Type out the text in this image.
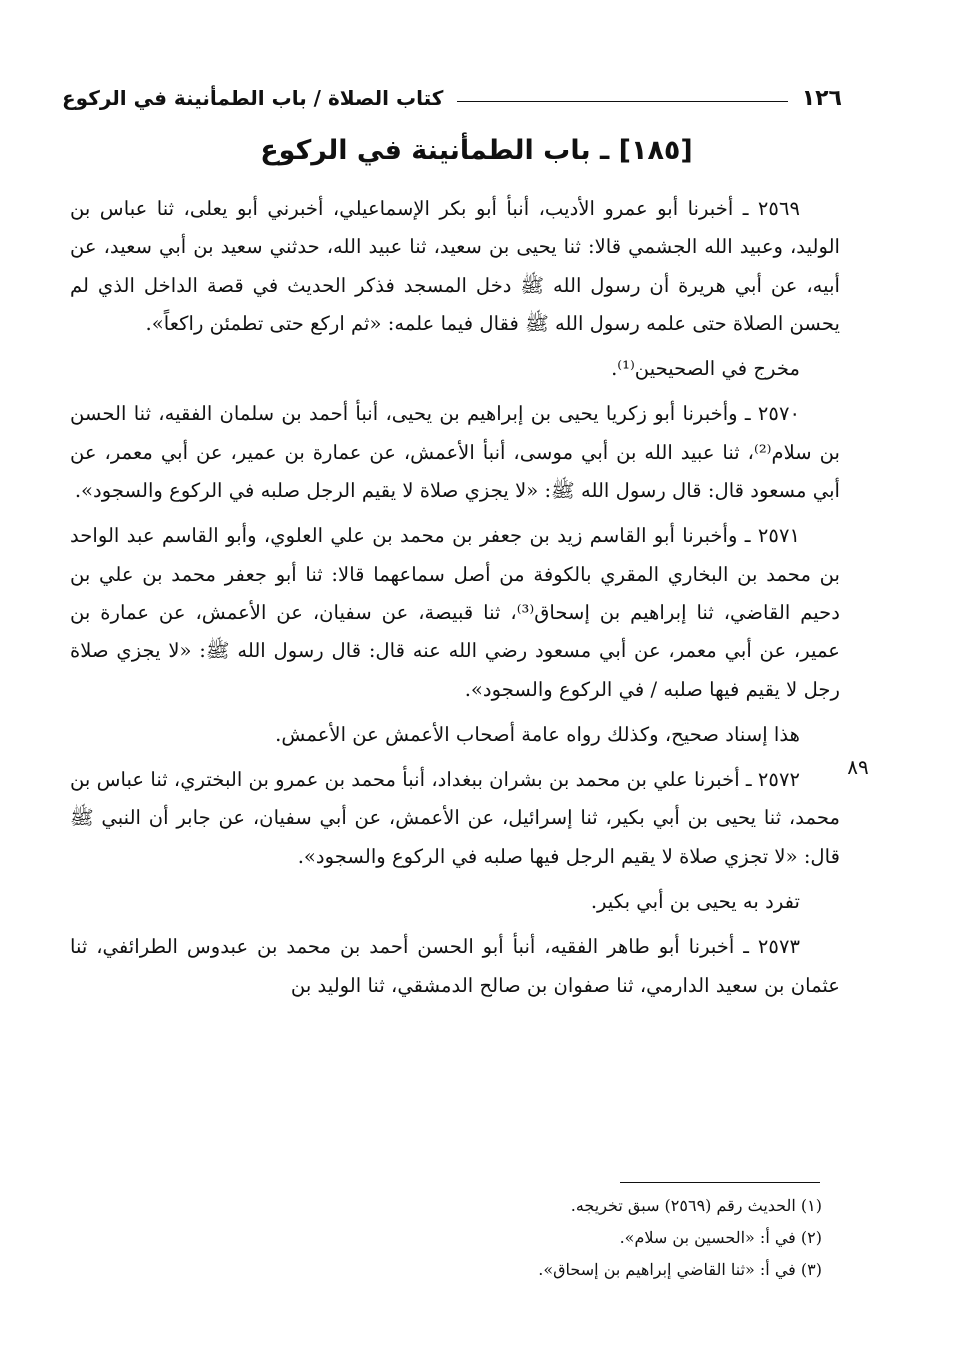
١٢٦
كتاب الصلاة / باب الطمأنينة في الركوع
[١٨٥] ـ باب الطمأنينة في الركوع

٢٥٦٩ ـ أخبرنا أبو عمرو الأديب، أنبأ أبو بكر الإسماعيلي، أخبرني أبو يعلى، ثنا عباس بن الوليد، وعبيد الله الجشمي قالا: ثنا يحيى بن سعيد، ثنا عبيد الله، حدثني سعيد بن أبي سعيد، عن أبيه، عن أبي هريرة أن رسول الله ﷺ دخل المسجد فذكر الحديث في قصة الداخل الذي لم يحسن الصلاة حتى علمه رسول الله ﷺ فقال فيما علمه: «ثم اركع حتى تطمئن راكعاً».

مخرج في الصحيحين⁽¹⁾.

٢٥٧٠ ـ وأخبرنا أبو زكريا يحيى بن إبراهيم بن يحيى، أنبأ أحمد بن سلمان الفقيه، ثنا الحسن بن سلام⁽²⁾، ثنا عبيد الله بن أبي موسى، أنبأ الأعمش، عن عمارة بن عمير، عن أبي معمر، عن أبي مسعود قال: قال رسول الله ﷺ: «لا يجزي صلاة لا يقيم الرجل صلبه في الركوع والسجود».

٢٥٧١ ـ وأخبرنا أبو القاسم زيد بن جعفر بن محمد بن علي العلوي، وأبو القاسم عبد الواحد بن محمد بن البخاري المقري بالكوفة من أصل سماعهما قالا: ثنا أبو جعفر محمد بن علي بن دحيم القاضي، ثنا إبراهيم بن إسحاق⁽³⁾، ثنا قبيصة، عن سفيان، عن الأعمش، عن عمارة بن عمير، عن أبي معمر، عن أبي مسعود رضي الله عنه قال: قال رسول الله ﷺ: «لا يجزي صلاة رجل لا يقيم فيها صلبه / في الركوع والسجود».

هذا إسناد صحيح، وكذلك رواه عامة أصحاب الأعمش عن الأعمش.

٢٥٧٢ ـ أخبرنا علي بن محمد بن بشران ببغداد، أنبأ محمد بن عمرو بن البختري، ثنا عباس بن محمد، ثنا يحيى بن أبي بكير، ثنا إسرائيل، عن الأعمش، عن أبي سفيان، عن جابر أن النبي ﷺ قال: «لا تجزي صلاة لا يقيم الرجل فيها صلبه في الركوع والسجود».

تفرد به يحيى بن أبي بكير.

٢٥٧٣ ـ أخبرنا أبو طاهر الفقيه، أنبأ أبو الحسن أحمد بن محمد بن عبدوس الطرائفي، ثنا عثمان بن سعيد الدارمي، ثنا صفوان بن صالح الدمشقي، ثنا الوليد بن

٨٩

(١) الحديث رقم (٢٥٦٩) سبق تخريجه.

(٢) في أ: «الحسين بن سلام».

(٣) في أ: «ثنا القاضي إبراهيم بن إسحاق».
